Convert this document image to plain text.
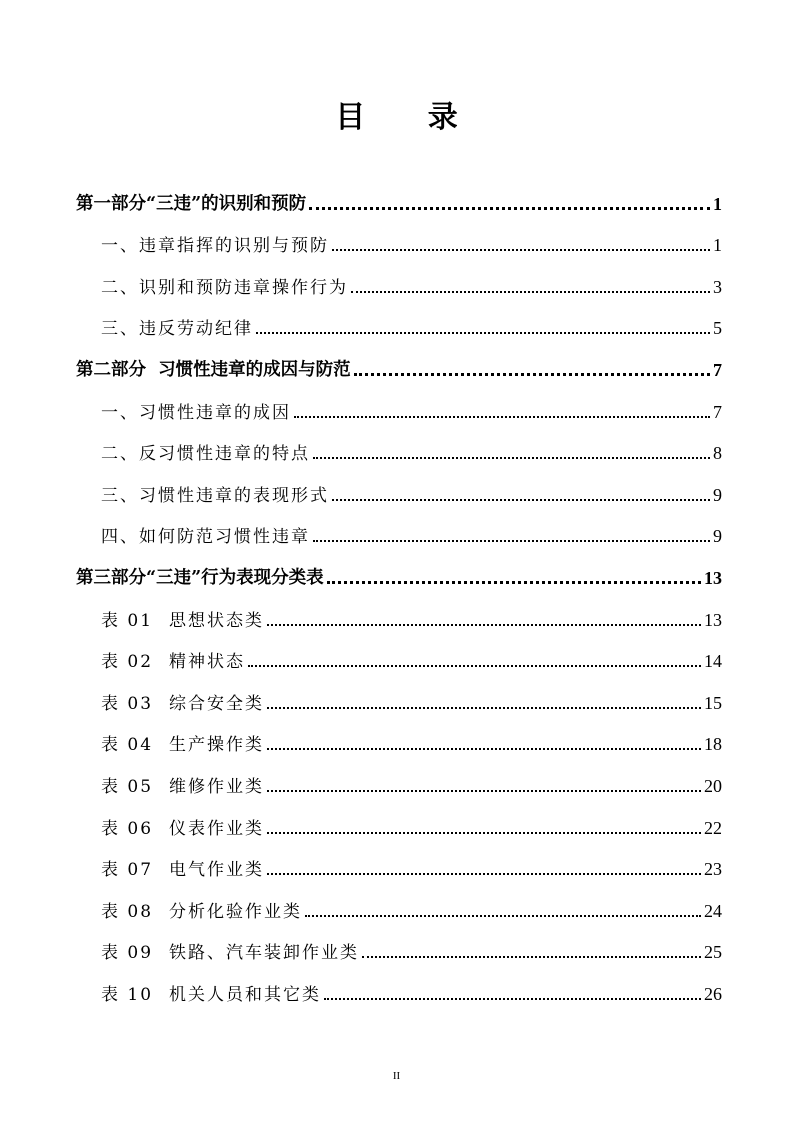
目 录
第一部分“三违”的识别和预防	1
一、违章指挥的识别与预防	1
二、识别和预防违章操作行为	3
三、违反劳动纪律	5
第二部分  习惯性违章的成因与防范	7
一、习惯性违章的成因	7
二、反习惯性违章的特点	8
三、习惯性违章的表现形式	9
四、如何防范习惯性违章	9
第三部分“三违”行为表现分类表	13
表 01 思想状态类	13
表 02 精神状态	14
表 03 综合安全类	15
表 04 生产操作类	18
表 05 维修作业类	20
表 06 仪表作业类	22
表 07 电气作业类	23
表 08 分析化验作业类	24
表 09 铁路、汽车装卸作业类	25
表 10 机关人员和其它类	26
II
